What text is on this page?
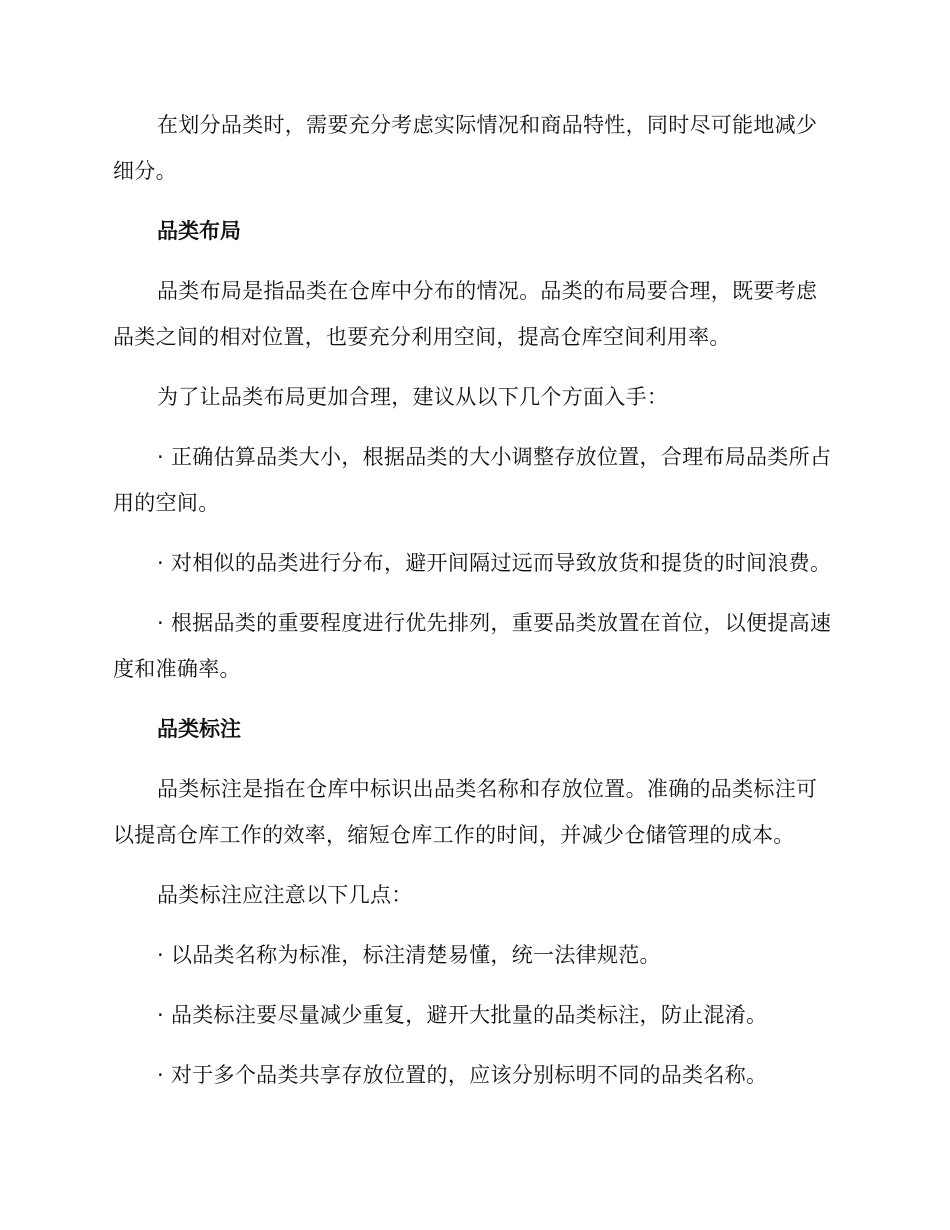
在划分品类时，需要充分考虑实际情况和商品特性，同时尽可能地减少细分。

品类布局

品类布局是指品类在仓库中分布的情况。品类的布局要合理，既要考虑品类之间的相对位置，也要充分利用空间，提高仓库空间利用率。

为了让品类布局更加合理，建议从以下几个方面入手：

· 正确估算品类大小，根据品类的大小调整存放位置，合理布局品类所占用的空间。

· 对相似的品类进行分布，避开间隔过远而导致放货和提货的时间浪费。

· 根据品类的重要程度进行优先排列，重要品类放置在首位，以便提高速度和准确率。

品类标注

品类标注是指在仓库中标识出品类名称和存放位置。准确的品类标注可以提高仓库工作的效率，缩短仓库工作的时间，并减少仓储管理的成本。

品类标注应注意以下几点：

· 以品类名称为标准，标注清楚易懂，统一法律规范。

· 品类标注要尽量减少重复，避开大批量的品类标注，防止混淆。

· 对于多个品类共享存放位置的，应该分别标明不同的品类名称。
